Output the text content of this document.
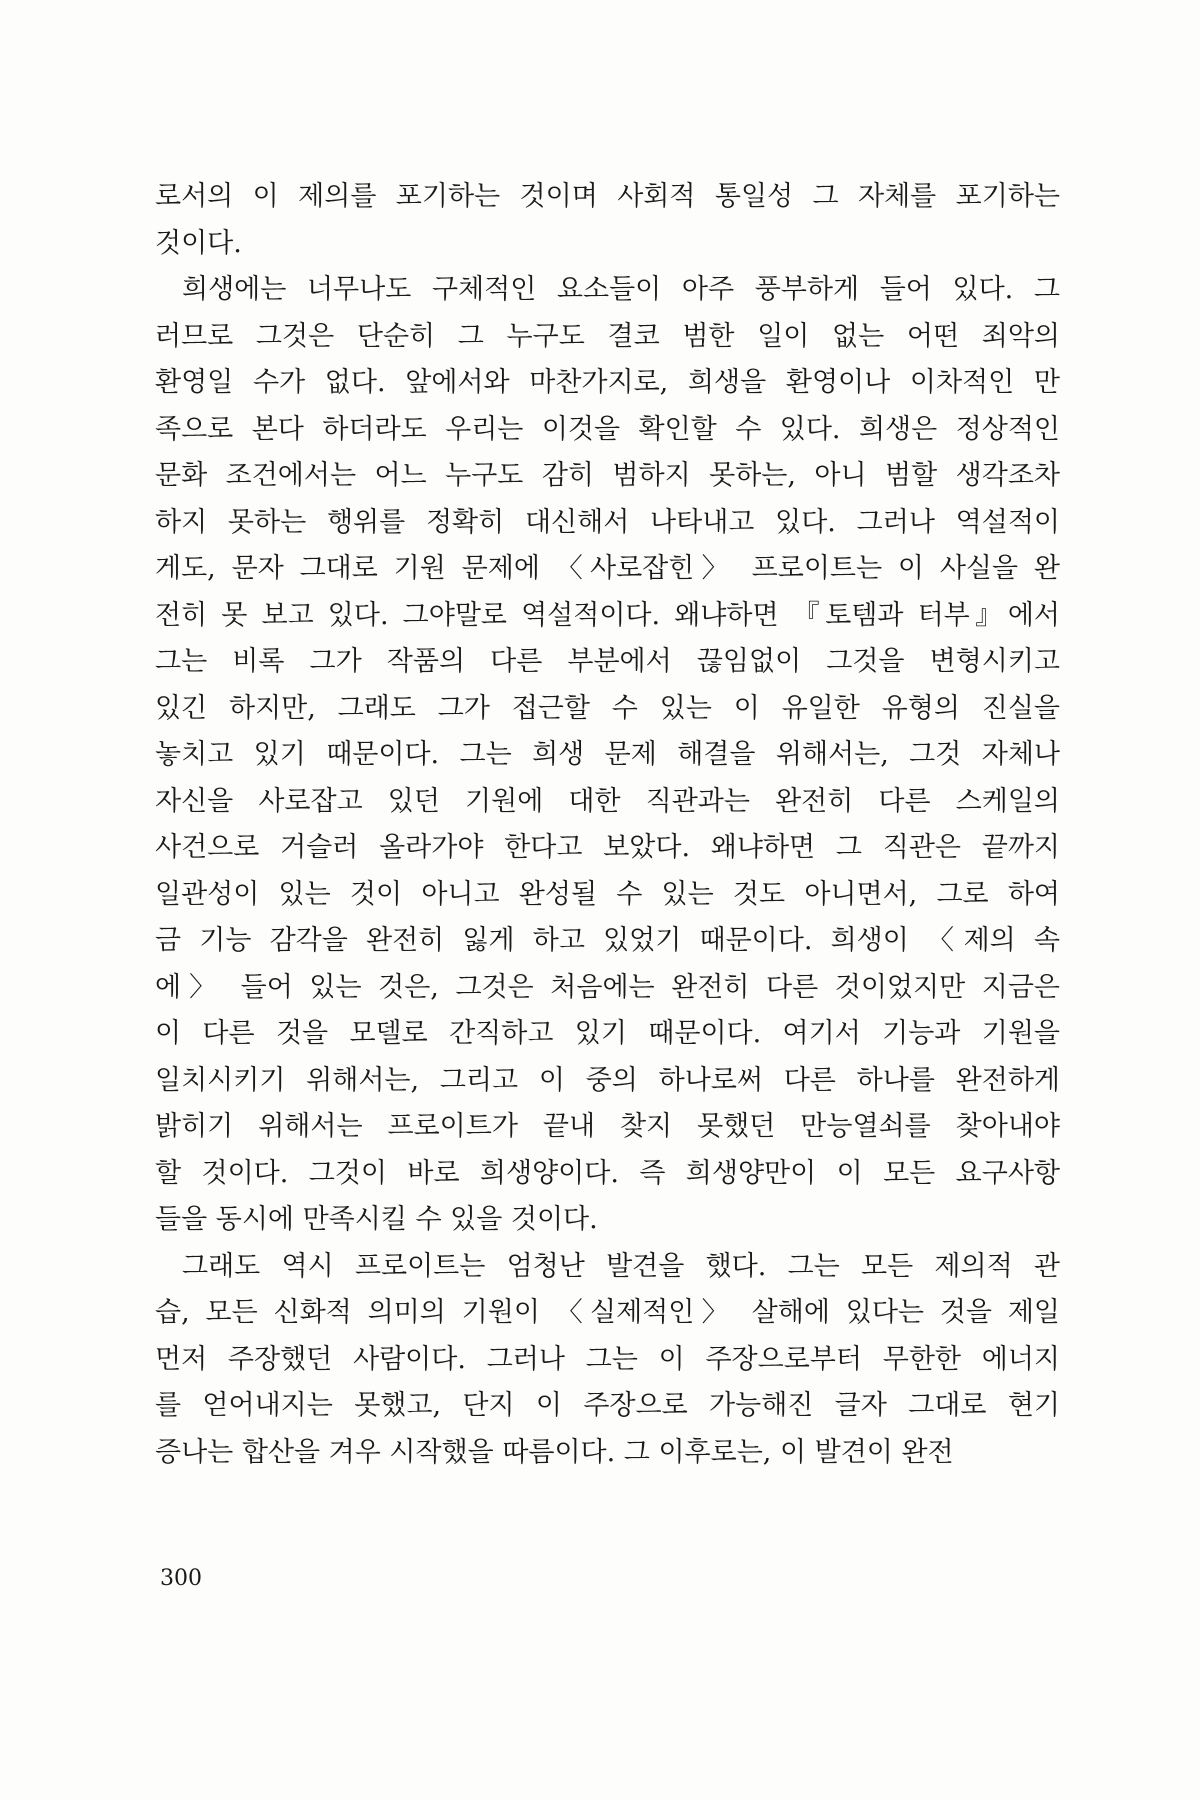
로서의 이 제의를 포기하는 것이며 사회적 통일성 그 자체를 포기하는
것이다.
희생에는 너무나도 구체적인 요소들이 아주 풍부하게 들어 있다. 그
러므로 그것은 단순히 그 누구도 결코 범한 일이 없는 어떤 죄악의
환영일 수가 없다. 앞에서와 마찬가지로, 희생을 환영이나 이차적인 만
족으로 본다 하더라도 우리는 이것을 확인할 수 있다. 희생은 정상적인
문화 조건에서는 어느 누구도 감히 범하지 못하는, 아니 범할 생각조차
하지 못하는 행위를 정확히 대신해서 나타내고 있다. 그러나 역설적이
게도, 문자 그대로 기원 문제에 〈사로잡힌〉 프로이트는 이 사실을 완
전히 못 보고 있다. 그야말로 역설적이다. 왜냐하면 『토템과 터부』에서
그는 비록 그가 작품의 다른 부분에서 끊임없이 그것을 변형시키고
있긴 하지만, 그래도 그가 접근할 수 있는 이 유일한 유형의 진실을
놓치고 있기 때문이다. 그는 희생 문제 해결을 위해서는, 그것 자체나
자신을 사로잡고 있던 기원에 대한 직관과는 완전히 다른 스케일의
사건으로 거슬러 올라가야 한다고 보았다. 왜냐하면 그 직관은 끝까지
일관성이 있는 것이 아니고 완성될 수 있는 것도 아니면서, 그로 하여
금 기능 감각을 완전히 잃게 하고 있었기 때문이다. 희생이 〈제의 속
에〉 들어 있는 것은, 그것은 처음에는 완전히 다른 것이었지만 지금은
이 다른 것을 모델로 간직하고 있기 때문이다. 여기서 기능과 기원을
일치시키기 위해서는, 그리고 이 중의 하나로써 다른 하나를 완전하게
밝히기 위해서는 프로이트가 끝내 찾지 못했던 만능열쇠를 찾아내야
할 것이다. 그것이 바로 희생양이다. 즉 희생양만이 이 모든 요구사항
들을 동시에 만족시킬 수 있을 것이다.
그래도 역시 프로이트는 엄청난 발견을 했다. 그는 모든 제의적 관
습, 모든 신화적 의미의 기원이 〈실제적인〉 살해에 있다는 것을 제일
먼저 주장했던 사람이다. 그러나 그는 이 주장으로부터 무한한 에너지
를 얻어내지는 못했고, 단지 이 주장으로 가능해진 글자 그대로 현기
증나는 합산을 겨우 시작했을 따름이다. 그 이후로는, 이 발견이 완전
300
